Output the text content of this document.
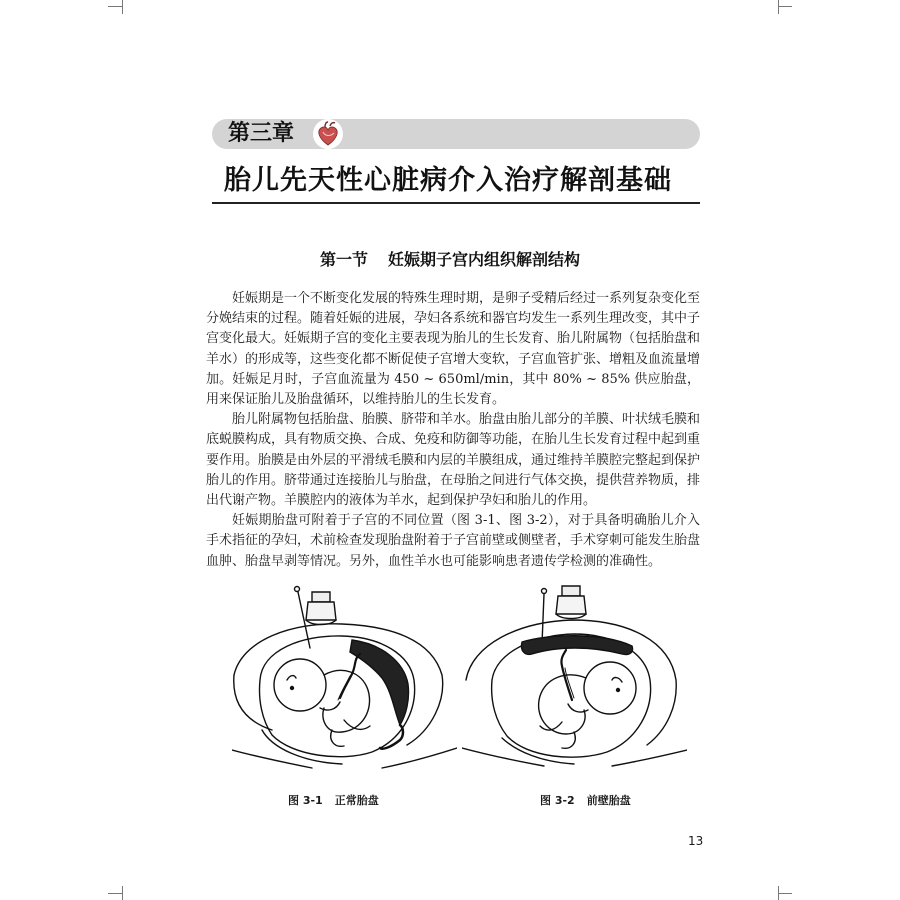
第三章
胎儿先天性心脏病介入治疗解剖基础
第一节 妊娠期子宫内组织解剖结构

妊娠期是一个不断变化发展的特殊生理时期，是卵子受精后经过一系列复杂变化至分娩结束的过程。随着妊娠的进展，孕妇各系统和器官均发生一系列生理改变，其中子宫变化最大。妊娠期子宫的变化主要表现为胎儿的生长发育、胎儿附属物（包括胎盘和羊水）的形成等，这些变化都不断促使子宫增大变软，子宫血管扩张、增粗及血流量增加。妊娠足月时，子宫血流量为 450 ~ 650ml/min，其中 80% ~ 85% 供应胎盘，用来保证胎儿及胎盘循环，以维持胎儿的生长发育。

胎儿附属物包括胎盘、胎膜、脐带和羊水。胎盘由胎儿部分的羊膜、叶状绒毛膜和底蜕膜构成，具有物质交换、合成、免疫和防御等功能，在胎儿生长发育过程中起到重要作用。胎膜是由外层的平滑绒毛膜和内层的羊膜组成，通过维持羊膜腔完整起到保护胎儿的作用。脐带通过连接胎儿与胎盘，在母胎之间进行气体交换，提供营养物质，排出代谢产物。羊膜腔内的液体为羊水，起到保护孕妇和胎儿的作用。

妊娠期胎盘可附着于子宫的不同位置（图 3-1、图 3-2），对于具备明确胎儿介入手术指征的孕妇，术前检查发现胎盘附着于子宫前壁或侧壁者，手术穿刺可能发生胎盘血肿、胎盘早剥等情况。另外，血性羊水也可能影响患者遗传学检测的准确性。

图 3-1 正常胎盘	图 3-2 前壁胎盘
13
